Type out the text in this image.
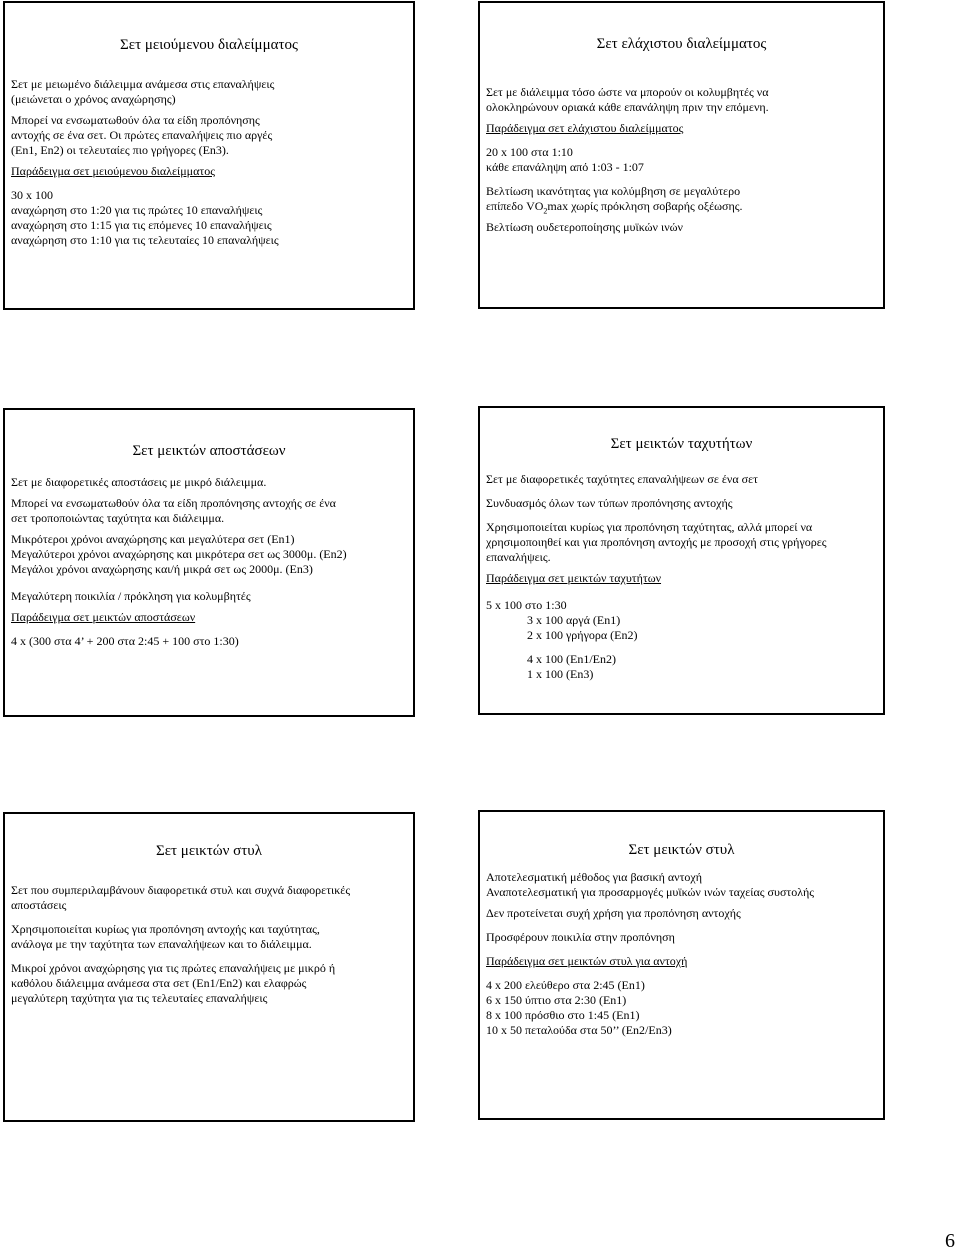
Σετ μειούμενου διαλείμματος

Σετ με μειωμένο διάλειμμα ανάμεσα στις επαναλήψεις

(μειώνεται ο χρόνος αναχώρησης)

Μπορεί να ενσωματωθούν όλα τα είδη προπόνησης

αντοχής σε ένα σετ. Οι πρώτες επαναλήψεις πιο αργές

(Εn1, En2) οι τελευταίες πιο γρήγορες (En3).

Παράδειγμα σετ μειούμενου διαλείμματος

30 x 100

αναχώρηση στο 1:20 για τις πρώτες 10 επαναλήψεις

αναχώρηση στο 1:15 για τις επόμενες 10 επαναλήψεις

αναχώρηση στο 1:10 για τις τελευταίες 10 επαναλήψεις

Σετ ελάχιστου διαλείμματος

Σετ με διάλειμμα τόσο ώστε να μπορούν οι κολυμβητές να

ολοκληρώνουν οριακά κάθε επανάληψη πριν την επόμενη.

Παράδειγμα σετ ελάχιστου διαλείμματος

20 x 100 στα 1:10

κάθε επανάληψη από 1:03 - 1:07

Βελτίωση ικανότητας για κολύμβηση σε μεγαλύτερο

επίπεδο $VO_2\max$ χωρίς πρόκληση σοβαρής οξέωσης.

Βελτίωση ουδετεροποίησης μυϊκών ινών

Σετ μεικτών αποστάσεων

Σετ με διαφορετικές αποστάσεις με μικρό διάλειμμα.

Μπορεί να ενσωματωθούν όλα τα είδη προπόνησης αντοχής σε ένα

σετ τροποποιώντας ταχύτητα και διάλειμμα.

Μικρότεροι χρόνοι αναχώρησης και μεγαλύτερα σετ (En1)

Μεγαλύτεροι χρόνοι αναχώρησης και μικρότερα σετ ως 3000μ. (En2)

Μεγάλοι χρόνοι αναχώρησης και/ή μικρά σετ ως 2000μ. (En3)

Μεγαλύτερη ποικιλία / πρόκληση για κολυμβητές

Παράδειγμα σετ μεικτών αποστάσεων

4 x (300 στα 4’ + 200 στα 2:45 + 100 στο 1:30)

Σετ μεικτών ταχυτήτων

Σετ με διαφορετικές ταχύτητες επαναλήψεων σε ένα σετ

Συνδυασμός όλων των τύπων προπόνησης αντοχής

Χρησιμοποιείται κυρίως για προπόνηση ταχύτητας, αλλά μπορεί να

χρησιμοποιηθεί και για προπόνηση αντοχής με προσοχή στις γρήγορες

επαναλήψεις.

Παράδειγμα σετ μεικτών ταχυτήτων

5 x 100 στο 1:30

3 x 100 αργά (En1)

2 x 100 γρήγορα (En2)

4 x 100 (En1/En2)

1 x 100 (En3)

Σετ μεικτών στυλ

Σετ που συμπεριλαμβάνουν διαφορετικά στυλ και συχνά διαφορετικές

αποστάσεις

Χρησιμοποιείται κυρίως για προπόνηση αντοχής και ταχύτητας,

ανάλογα με την ταχύτητα των επαναλήψεων και το διάλειμμα.

Μικροί χρόνοι αναχώρησης για τις πρώτες επαναλήψεις με μικρό ή

καθόλου διάλειμμα ανάμεσα στα σετ (En1/En2) και ελαφρώς

μεγαλύτερη ταχύτητα για τις τελευταίες επαναλήψεις

Σετ μεικτών στυλ

Αποτελεσματική μέθοδος για βασική αντοχή

Αναποτελεσματική για προσαρμογές μυϊκών ινών ταχείας συστολής

Δεν προτείνεται συχή χρήση για προπόνηση αντοχής

Προσφέρουν ποικιλία στην προπόνηση

Παράδειγμα σετ μεικτών στυλ για αντοχή

4 x 200 ελεύθερο στα 2:45 (En1)

6 x 150 ύπτιο στα 2:30 (En1)

8 x 100 πρόσθιο στο 1:45 (En1)

10 x 50 πεταλούδα στα 50’’ (En2/En3)

6
